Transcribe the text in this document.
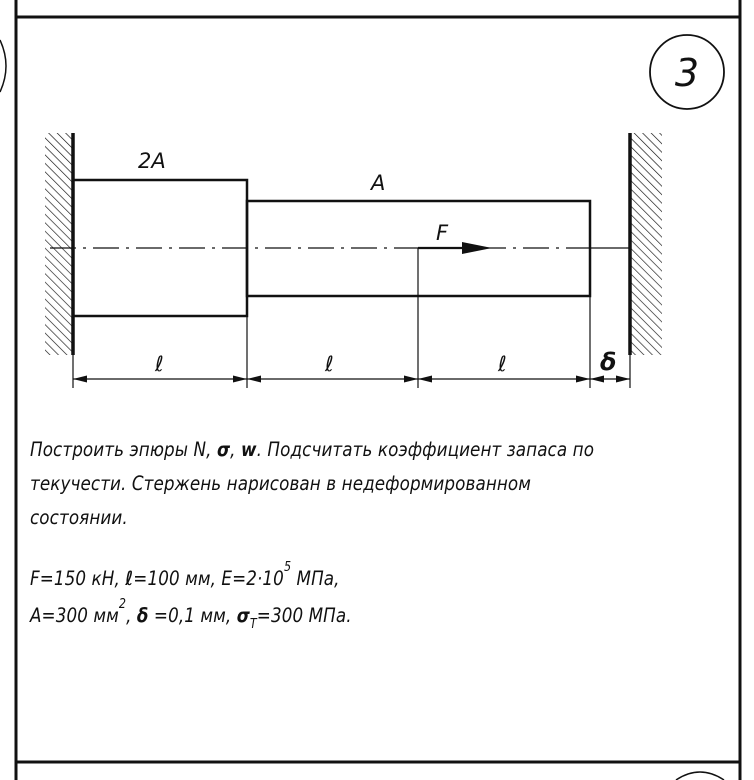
3
2A
A
F
ℓ	ℓ	ℓ	δ
Построить эпюры N, σ, w. Подсчитать коэффициент запаса по
текучести. Стержень нарисован в недеформированном
состоянии.
F=150 кН, ℓ=100 мм, $E=2\cdot 10^5$ МПа,
A=300 $мм^2$, δ =0,1 мм, $\sigma_T=300$ МПа.
